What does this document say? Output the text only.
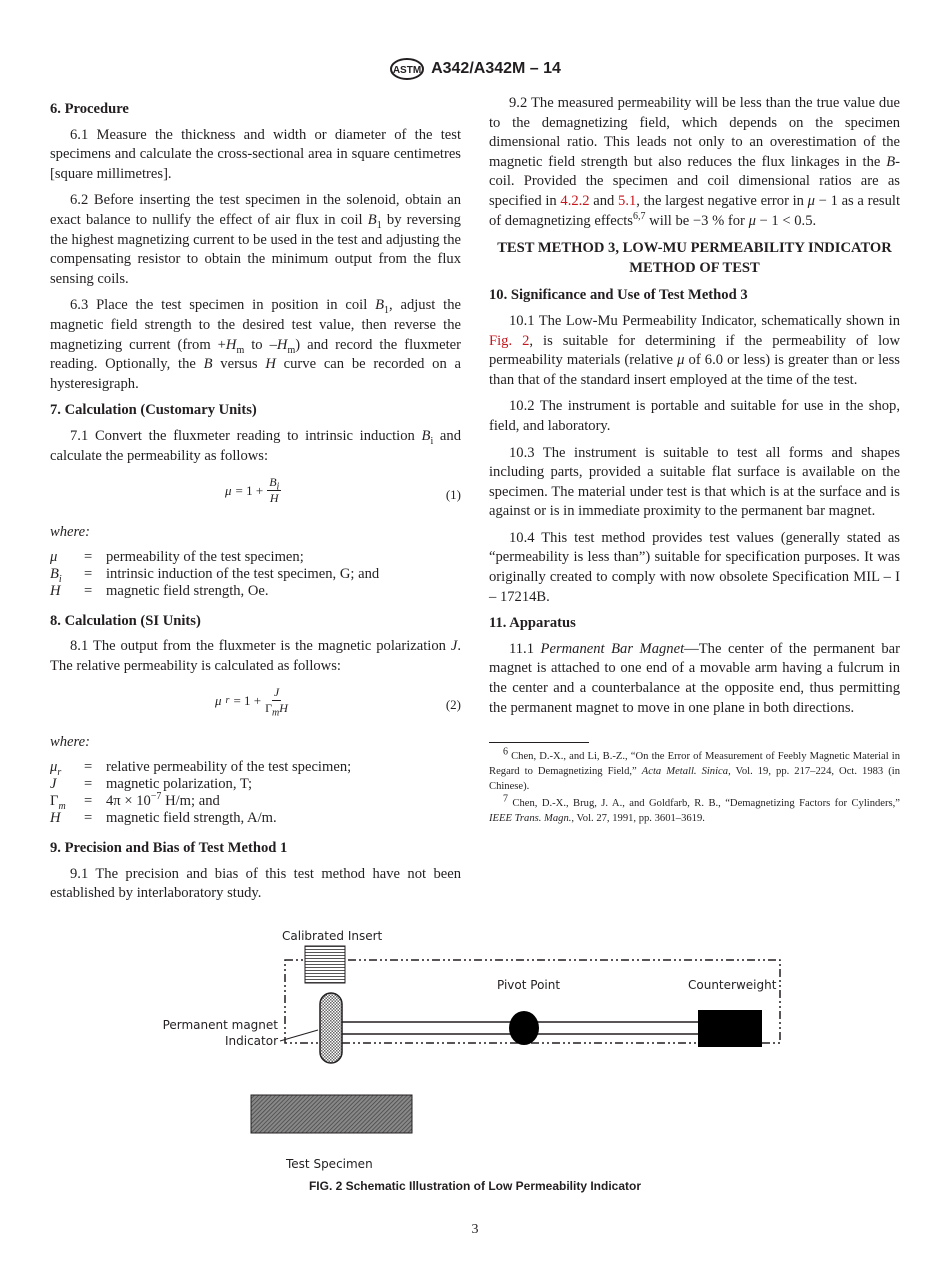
ASTM A342/A342M – 14
6. Procedure

6.1 Measure the thickness and width or diameter of the test specimens and calculate the cross-sectional area in square centimetres [square millimetres].

6.2 Before inserting the test specimen in the solenoid, obtain an exact balance to nullify the effect of air flux in coil $B_1$ by reversing the highest magnetizing current to be used in the test and adjusting the compensating resistor to obtain the minimum output from the flux sensing coils.

6.3 Place the test specimen in position in coil $B_1$, adjust the magnetic field strength to the desired test value, then reverse the magnetizing current (from $+H_m$ to $-H_m$) and record the fluxmeter reading. Optionally, the B versus H curve can be recorded on a hysteresigraph.

7. Calculation (Customary Units)

7.1 Convert the fluxmeter reading to intrinsic induction $B_i$ and calculate the permeability as follows:

$\mu = 1 + \frac{B_i}{H}$	(1)
where:
μ	=	permeability of the test specimen;
$B_i$	=	intrinsic induction of the test specimen, G; and
H	=	magnetic field strength, Oe.
8. Calculation (SI Units)

8.1 The output from the fluxmeter is the magnetic polarization J. The relative permeability is calculated as follows:

μ $r = 1 + \frac{J}{\Gamma_mH}$	(2)
where:
$\mu_r$	=	relative permeability of the test specimen;
J	=	magnetic polarization, T;
$\Gamma_m$	=	$4\pi \times 10^{-7}$ H/m; and
H	=	magnetic field strength, A/m.
9. Precision and Bias of Test Method 1

9.1 The precision and bias of this test method have not been established by interlaboratory study.

9.2 The measured permeability will be less than the true value due to the demagnetizing field, which depends on the specimen dimensional ratio. This leads not only to an overestimation of the magnetic field strength but also reduces the flux linkages in the B-coil. Provided the specimen and coil dimensional ratios are as specified in 4.2.2 and 5.1, the largest negative error in μ − 1 as a result of demagnetizing effects$^{6,7}$ will be −3 % for μ − 1 < 0.5.

TEST METHOD 3, LOW-MU PERMEABILITY INDICATOR METHOD OF TEST
10. Significance and Use of Test Method 3

10.1 The Low-Mu Permeability Indicator, schematically shown in Fig. 2, is suitable for determining if the permeability of low permeability materials (relative μ of 6.0 or less) is greater than or less than that of the standard insert employed at the time of the test.

10.2 The instrument is portable and suitable for use in the shop, field, and laboratory.

10.3 The instrument is suitable to test all forms and shapes including parts, provided a suitable flat surface is available on the specimen. The material under test is that which is at the surface and is against or is in immediate proximity to the permanent bar magnet.

10.4 This test method provides test values (generally stated as “permeability is less than”) suitable for specification purposes. It was originally created to comply with now obsolete Specification MIL – I – 17214B.

11. Apparatus

11.1 Permanent Bar Magnet—The center of the permanent bar magnet is attached to one end of a movable arm having a fulcrum in the center and a counterbalance at the opposite end, thus permitting the permanent magnet to move in one plane in both directions.

$^6$ Chen, D.-X., and Li, B.-Z., “On the Error of Measurement of Feebly Magnetic Material in Regard to Demagnetizing Field,” Acta Metall. Sinica, Vol. 19, pp. 217–224, Oct. 1983 (in Chinese).
$^7$ Chen, D.-X., Brug, J. A., and Goldfarb, R. B., “Demagnetizing Factors for Cylinders,” IEEE Trans. Magn., Vol. 27, 1991, pp. 3601–3619.
Calibrated Insert
Pivot Point	Counterweight
Permanent magnet
Indicator
Test Specimen
FIG. 2 Schematic Illustration of Low Permeability Indicator
3
